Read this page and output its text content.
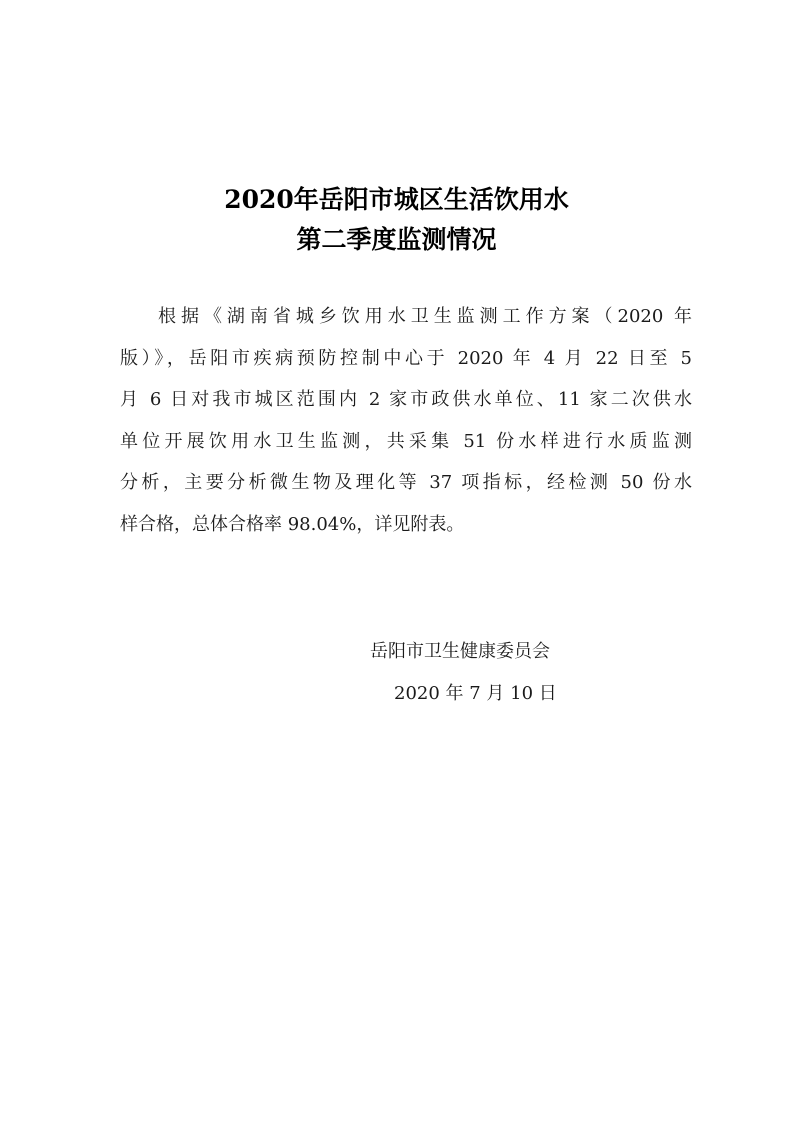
2020年岳阳市城区生活饮用水
第二季度监测情况
根据《湖南省城乡饮用水卫生监测工作方案（2020 年
版）》，岳阳市疾病预防控制中心于 2020 年 4 月 22 日至 5
月 6 日对我市城区范围内 2 家市政供水单位、11 家二次供水
单位开展饮用水卫生监测，共采集 51 份水样进行水质监测
分析，主要分析微生物及理化等 37 项指标，经检测 50 份水
样合格，总体合格率 98.04%，详见附表。
岳阳市卫生健康委员会
2020 年 7 月 10 日
